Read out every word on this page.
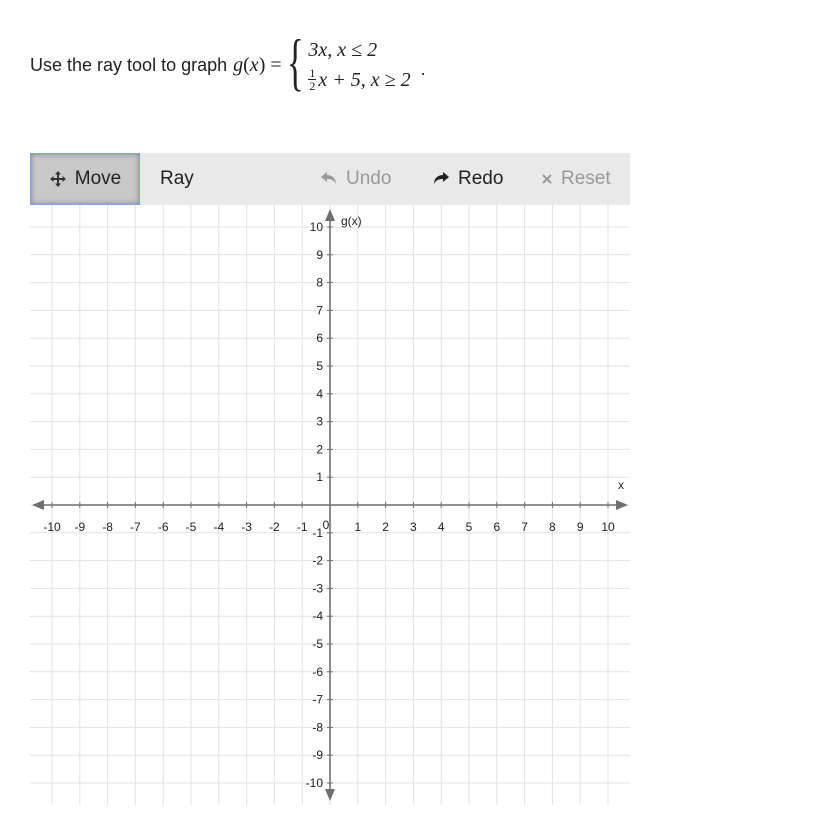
Use the ray tool to graph g(x) = { 3x, x ≤ 2
$\frac{1}{2}$ x + 5, x ≥ 2
.
Move Ray	Undo	Redo	Reset
-10 -9 -8 -7 -6 -5 -4 -3 -2 -1	1 2 3 4 5 6 7 8 9 10
1
2
3
4
5
6
7
8
9
10
-1
-2
-3
-4
-5
-6
-7
-8
-9
-10
0
x
g(x)
